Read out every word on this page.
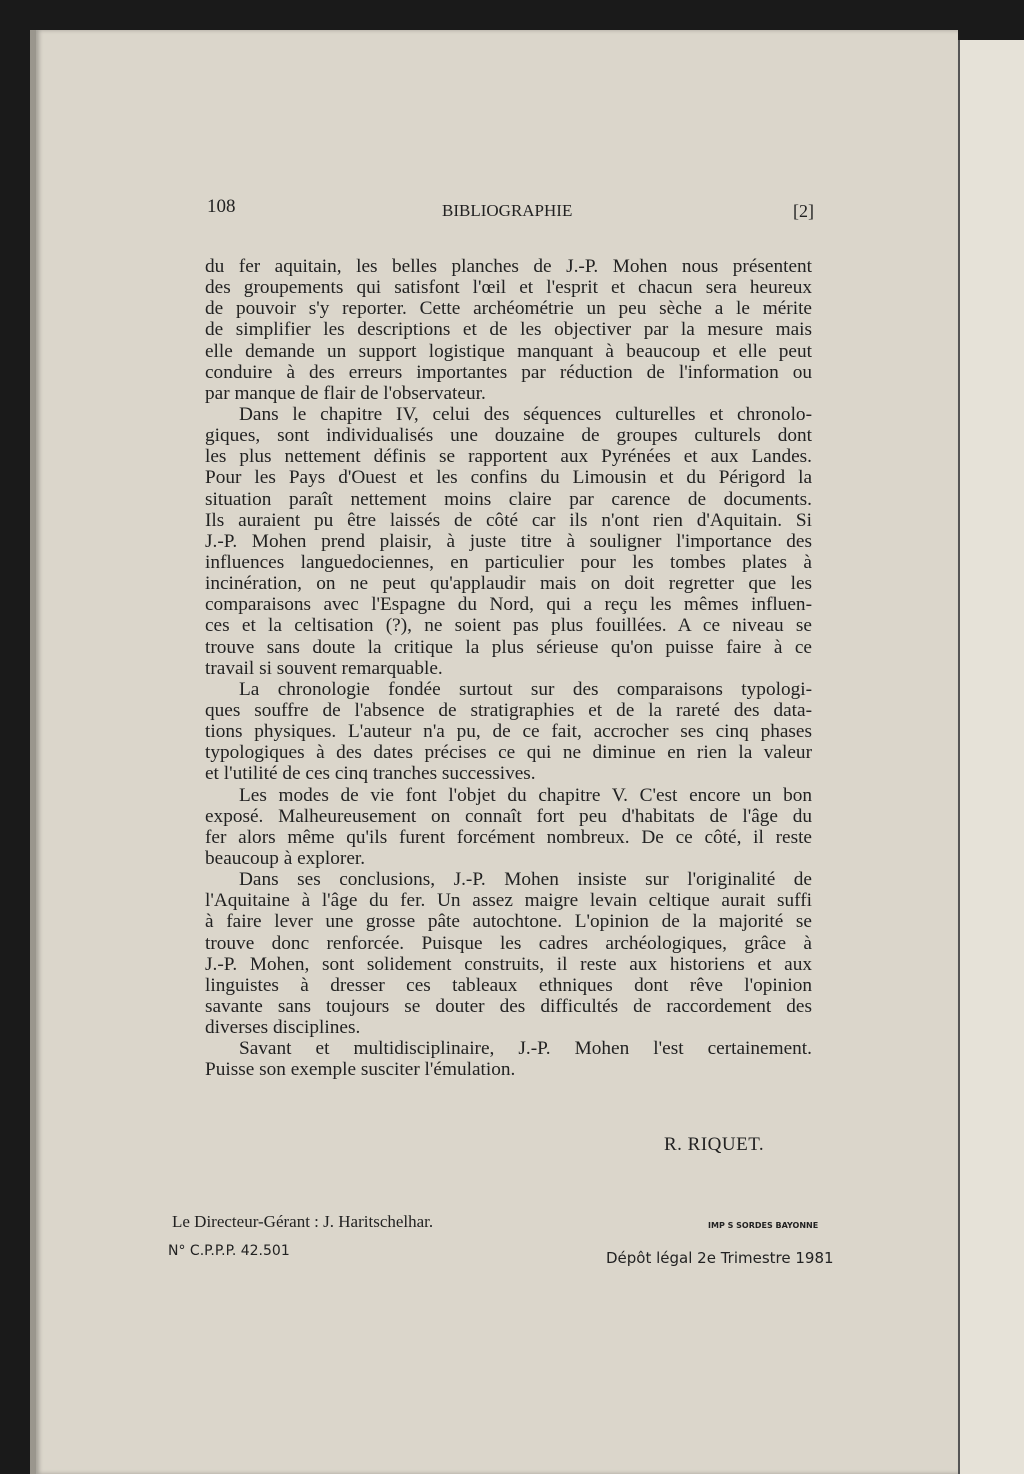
108	BIBLIOGRAPHIE	[2]
du fer aquitain, les belles planches de J.-P. Mohen nous présentent
des groupements qui satisfont l'œil et l'esprit et chacun sera heureux
de pouvoir s'y reporter. Cette archéométrie un peu sèche a le mérite
de simplifier les descriptions et de les objectiver par la mesure mais
elle demande un support logistique manquant à beaucoup et elle peut
conduire à des erreurs importantes par réduction de l'information ou
par manque de flair de l'observateur.
Dans le chapitre IV, celui des séquences culturelles et chronolo-
giques, sont individualisés une douzaine de groupes culturels dont
les plus nettement définis se rapportent aux Pyrénées et aux Landes.
Pour les Pays d'Ouest et les confins du Limousin et du Périgord la
situation paraît nettement moins claire par carence de documents.
Ils auraient pu être laissés de côté car ils n'ont rien d'Aquitain. Si
J.-P. Mohen prend plaisir, à juste titre à souligner l'importance des
influences languedociennes, en particulier pour les tombes plates à
incinération, on ne peut qu'applaudir mais on doit regretter que les
comparaisons avec l'Espagne du Nord, qui a reçu les mêmes influen-
ces et la celtisation (?), ne soient pas plus fouillées. A ce niveau se
trouve sans doute la critique la plus sérieuse qu'on puisse faire à ce
travail si souvent remarquable.
La chronologie fondée surtout sur des comparaisons typologi-
ques souffre de l'absence de stratigraphies et de la rareté des data-
tions physiques. L'auteur n'a pu, de ce fait, accrocher ses cinq phases
typologiques à des dates précises ce qui ne diminue en rien la valeur
et l'utilité de ces cinq tranches successives.
Les modes de vie font l'objet du chapitre V. C'est encore un bon
exposé. Malheureusement on connaît fort peu d'habitats de l'âge du
fer alors même qu'ils furent forcément nombreux. De ce côté, il reste
beaucoup à explorer.
Dans ses conclusions, J.-P. Mohen insiste sur l'originalité de
l'Aquitaine à l'âge du fer. Un assez maigre levain celtique aurait suffi
à faire lever une grosse pâte autochtone. L'opinion de la majorité se
trouve donc renforcée. Puisque les cadres archéologiques, grâce à
J.-P. Mohen, sont solidement construits, il reste aux historiens et aux
linguistes à dresser ces tableaux ethniques dont rêve l'opinion
savante sans toujours se douter des difficultés de raccordement des
diverses disciplines.
Savant et multidisciplinaire, J.-P. Mohen l'est certainement.
Puisse son exemple susciter l'émulation.
R. RIQUET.
Le Directeur-Gérant : J. Haritschelhar.	IMP S SORDES BAYONNE
N° C.P.P.P. 42.501	Dépôt légal 2e Trimestre 1981
